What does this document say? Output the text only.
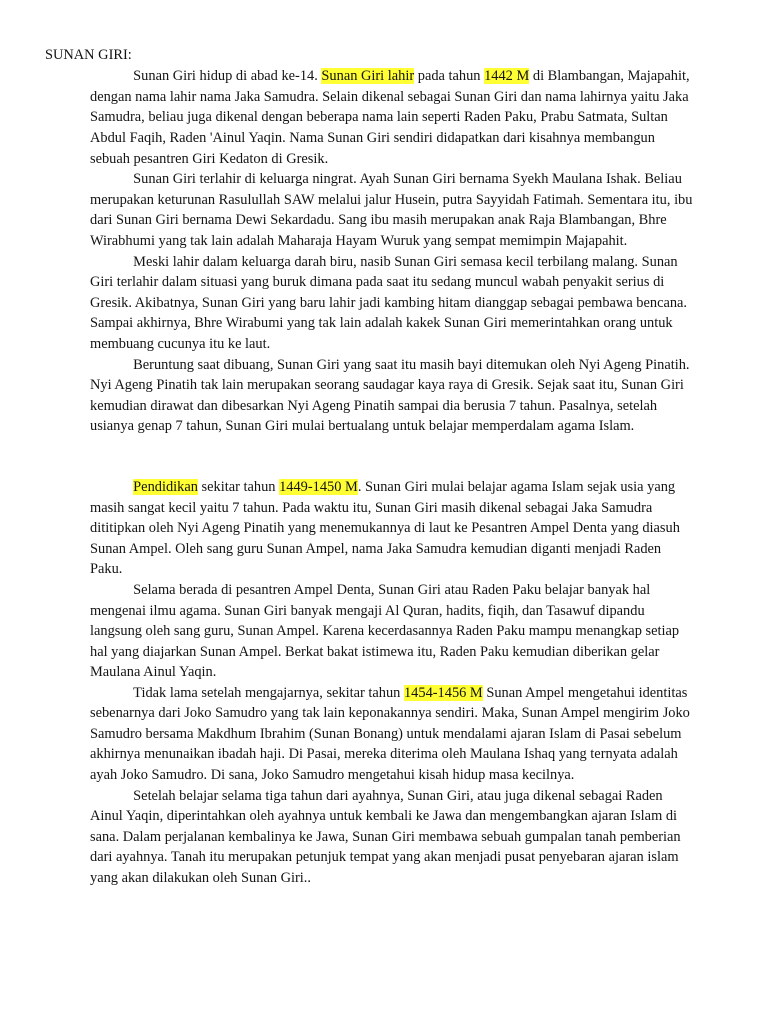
SUNAN GIRI:
Sunan Giri hidup di abad ke-14. Sunan Giri lahir pada tahun 1442 M di Blambangan, Majapahit,
dengan nama lahir nama Jaka Samudra. Selain dikenal sebagai Sunan Giri dan nama lahirnya yaitu Jaka
Samudra, beliau juga dikenal dengan beberapa nama lain seperti Raden Paku, Prabu Satmata, Sultan
Abdul Faqih, Raden 'Ainul Yaqin. Nama Sunan Giri sendiri didapatkan dari kisahnya membangun
sebuah pesantren Giri Kedaton di Gresik.
Sunan Giri terlahir di keluarga ningrat. Ayah Sunan Giri bernama Syekh Maulana Ishak. Beliau
merupakan keturunan Rasulullah SAW melalui jalur Husein, putra Sayyidah Fatimah. Sementara itu, ibu
dari Sunan Giri bernama Dewi Sekardadu. Sang ibu masih merupakan anak Raja Blambangan, Bhre
Wirabhumi yang tak lain adalah Maharaja Hayam Wuruk yang sempat memimpin Majapahit.
Meski lahir dalam keluarga darah biru, nasib Sunan Giri semasa kecil terbilang malang. Sunan
Giri terlahir dalam situasi yang buruk dimana pada saat itu sedang muncul wabah penyakit serius di
Gresik. Akibatnya, Sunan Giri yang baru lahir jadi kambing hitam dianggap sebagai pembawa bencana.
Sampai akhirnya, Bhre Wirabumi yang tak lain adalah kakek Sunan Giri memerintahkan orang untuk
membuang cucunya itu ke laut.
Beruntung saat dibuang, Sunan Giri yang saat itu masih bayi ditemukan oleh Nyi Ageng Pinatih.
Nyi Ageng Pinatih tak lain merupakan seorang saudagar kaya raya di Gresik. Sejak saat itu, Sunan Giri
kemudian dirawat dan dibesarkan Nyi Ageng Pinatih sampai dia berusia 7 tahun. Pasalnya, setelah
usianya genap 7 tahun, Sunan Giri mulai bertualang untuk belajar memperdalam agama Islam.
Pendidikan sekitar tahun 1449-1450 M. Sunan Giri mulai belajar agama Islam sejak usia yang
masih sangat kecil yaitu 7 tahun. Pada waktu itu, Sunan Giri masih dikenal sebagai Jaka Samudra
dititipkan oleh Nyi Ageng Pinatih yang menemukannya di laut ke Pesantren Ampel Denta yang diasuh
Sunan Ampel. Oleh sang guru Sunan Ampel, nama Jaka Samudra kemudian diganti menjadi Raden
Paku.
Selama berada di pesantren Ampel Denta, Sunan Giri atau Raden Paku belajar banyak hal
mengenai ilmu agama. Sunan Giri banyak mengaji Al Quran, hadits, fiqih, dan Tasawuf dipandu
langsung oleh sang guru, Sunan Ampel. Karena kecerdasannya Raden Paku mampu menangkap setiap
hal yang diajarkan Sunan Ampel. Berkat bakat istimewa itu, Raden Paku kemudian diberikan gelar
Maulana Ainul Yaqin.
Tidak lama setelah mengajarnya, sekitar tahun 1454-1456 M Sunan Ampel mengetahui identitas
sebenarnya dari Joko Samudro yang tak lain keponakannya sendiri. Maka, Sunan Ampel mengirim Joko
Samudro bersama Makdhum Ibrahim (Sunan Bonang) untuk mendalami ajaran Islam di Pasai sebelum
akhirnya menunaikan ibadah haji. Di Pasai, mereka diterima oleh Maulana Ishaq yang ternyata adalah
ayah Joko Samudro. Di sana, Joko Samudro mengetahui kisah hidup masa kecilnya.
Setelah belajar selama tiga tahun dari ayahnya, Sunan Giri, atau juga dikenal sebagai Raden
Ainul Yaqin, diperintahkan oleh ayahnya untuk kembali ke Jawa dan mengembangkan ajaran Islam di
sana. Dalam perjalanan kembalinya ke Jawa, Sunan Giri membawa sebuah gumpalan tanah pemberian
dari ayahnya. Tanah itu merupakan petunjuk tempat yang akan menjadi pusat penyebaran ajaran islam
yang akan dilakukan oleh Sunan Giri..
